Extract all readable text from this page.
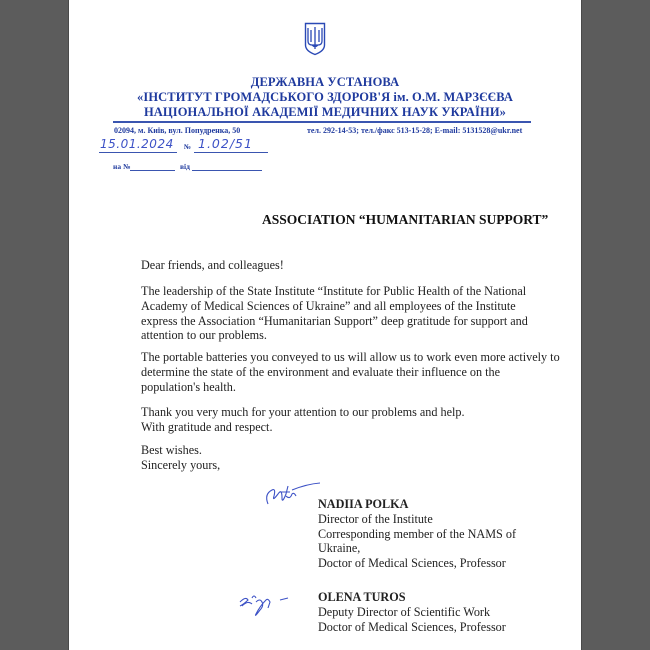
ДЕРЖАВНА УСТАНОВА
«ІНСТИТУТ ГРОМАДСЬКОГО ЗДОРОВ'Я ім. О.М. МАРЗЄЄВА
НАЦІОНАЛЬНОЇ АКАДЕМІЇ МЕДИЧНИХ НАУК УКРАЇНИ»
02094, м. Київ, вул. Попудренка, 50	тел. 292-14-53; тел./факс 513-15-28; E-mail: 5131528@ukr.net
15.01.2024 № 1.02/51
на №	від
ASSOCIATION “HUMANITARIAN SUPPORT”

Dear friends, and colleagues!

The leadership of the State Institute “Institute for Public Health of the National Academy of Medical Sciences of Ukraine” and all employees of the Institute express the Association “Humanitarian Support” deep gratitude for support and attention to our problems.

The portable batteries you conveyed to us will allow us to work even more actively to determine the state of the environment and evaluate their influence on the population's health.

Thank you very much for your attention to our problems and help.

With gratitude and respect.

Best wishes.

Sincerely yours,

NADIIA POLKA
Director of the Institute
Corresponding member of the NAMS of
Ukraine,
Doctor of Medical Sciences, Professor
OLENA TUROS
Deputy Director of Scientific Work
Doctor of Medical Sciences, Professor
